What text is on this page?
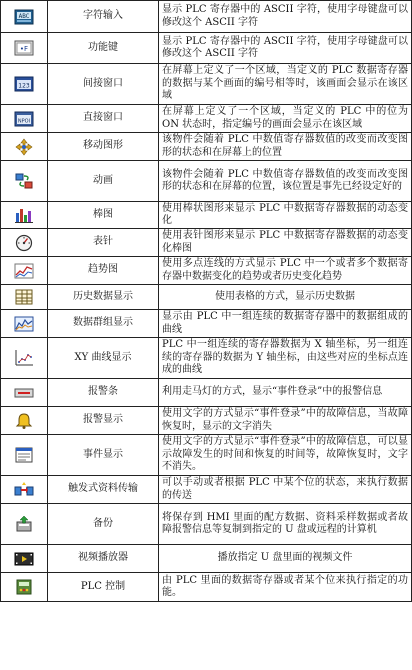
ABC	字符输入	显示 PLC 寄存器中的 ASCII 字符，使用字母键盘可以修改这个 ASCII 字符

•F	功能键	显示 PLC 寄存器中的 ASCII 字符，使用字母键盘可以修改这个 ASCII 字符

123	间接窗口	在屏幕上定义了一个区域，当定义的 PLC 数据寄存器的数据与某个画面的编号相等时，该画面会显示在该区域

NPOI	直接窗口	在屏幕上定义了一个区域，当定义的 PLC 中的位为 ON 状态时，指定编号的画面会显示在该区域

	移动图形	该物件会随着 PLC 中数值寄存器数值的改变而改变图形的状态和在屏幕上的位置

	动画	该物件会随着 PLC 中数值寄存器数值的改变而改变图形的状态和在屏幕的位置，该位置是事先已经设定好的

	棒图	使用棒状图形来显示 PLC 中数据寄存器数据的动态变化

	表针	使用表针图形来显示 PLC 中数据寄存器数据的动态变化棒图

	趋势图	使用多点连线的方式显示 PLC 中一个或者多个数据寄存器中数据变化的趋势或者历史变化趋势

	历史数据显示	使用表格的方式，显示历史数据

	数据群组显示	显示由 PLC 中一组连续的数据寄存器中的数据组成的曲线

	XY 曲线显示	PLC 中一组连续的寄存器数据为 X 轴坐标，另一组连续的寄存器的数据为 Y 轴坐标，由这些对应的坐标点连成的曲线

	报警条	利用走马灯的方式，显示“事件登录”中的报警信息

	报警显示	使用文字的方式显示“事件登录”中的故障信息，当故障恢复时，显示的文字消失

	事件显示	使用文字的方式显示“事件登录”中的故障信息，可以显示故障发生的时间和恢复的时间等，故障恢复时，文字不消失。

	触发式资料传输	可以手动或者根据 PLC 中某个位的状态，来执行数据的传送

	备份	将保存到 HMI 里面的配方数据、资料采样数据或者故障报警信息等复制到指定的 U 盘或远程的计算机

	视频播放器	播放指定 U 盘里面的视频文件

	PLC 控制	由 PLC 里面的数据寄存器或者某个位来执行指定的功能。
